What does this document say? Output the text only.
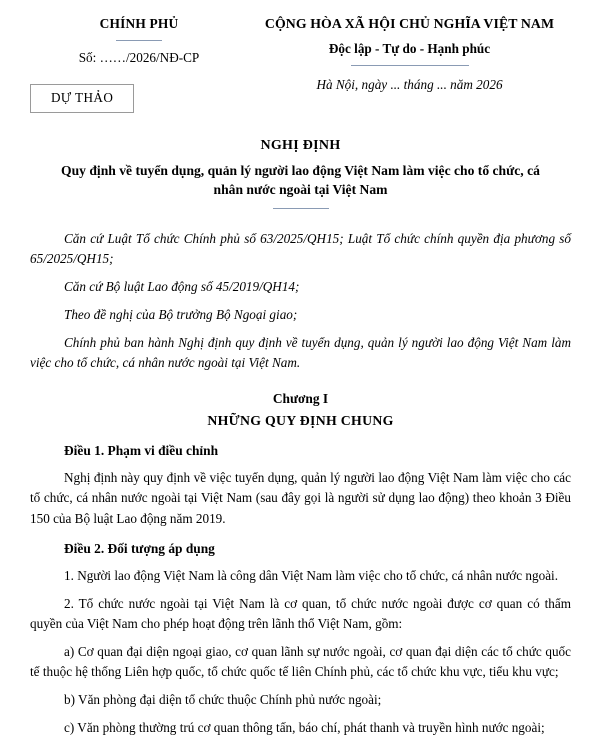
CHÍNH PHỦ
Số: ……/2026/NĐ-CP
DỰ THẢO
CỘNG HÒA XÃ HỘI CHỦ NGHĨA VIỆT NAM
Độc lập - Tự do - Hạnh phúc
Hà Nội, ngày ... tháng ... năm 2026
NGHỊ ĐỊNH
Quy định về tuyển dụng, quản lý người lao động Việt Nam làm việc cho tổ chức, cá nhân nước ngoài tại Việt Nam

Căn cứ Luật Tổ chức Chính phủ số 63/2025/QH15; Luật Tổ chức chính quyền địa phương số 65/2025/QH15;

Căn cứ Bộ luật Lao động số 45/2019/QH14;

Theo đề nghị của Bộ trưởng Bộ Ngoại giao;

Chính phủ ban hành Nghị định quy định về tuyển dụng, quản lý người lao động Việt Nam làm việc cho tổ chức, cá nhân nước ngoài tại Việt Nam.

Chương I
NHỮNG QUY ĐỊNH CHUNG
Điều 1. Phạm vi điều chỉnh

Nghị định này quy định về việc tuyển dụng, quản lý người lao động Việt Nam làm việc cho các tổ chức, cá nhân nước ngoài tại Việt Nam (sau đây gọi là người sử dụng lao động) theo khoản 3 Điều 150 của Bộ luật Lao động năm 2019.

Điều 2. Đối tượng áp dụng

1. Người lao động Việt Nam là công dân Việt Nam làm việc cho tổ chức, cá nhân nước ngoài.

2. Tổ chức nước ngoài tại Việt Nam là cơ quan, tổ chức nước ngoài được cơ quan có thẩm quyền của Việt Nam cho phép hoạt động trên lãnh thổ Việt Nam, gồm:

a) Cơ quan đại diện ngoại giao, cơ quan lãnh sự nước ngoài, cơ quan đại diện các tổ chức quốc tế thuộc hệ thống Liên hợp quốc, tổ chức quốc tế liên Chính phủ, các tổ chức khu vực, tiểu khu vực;

b) Văn phòng đại diện tổ chức thuộc Chính phủ nước ngoài;

c) Văn phòng thường trú cơ quan thông tấn, báo chí, phát thanh và truyền hình nước ngoài;
